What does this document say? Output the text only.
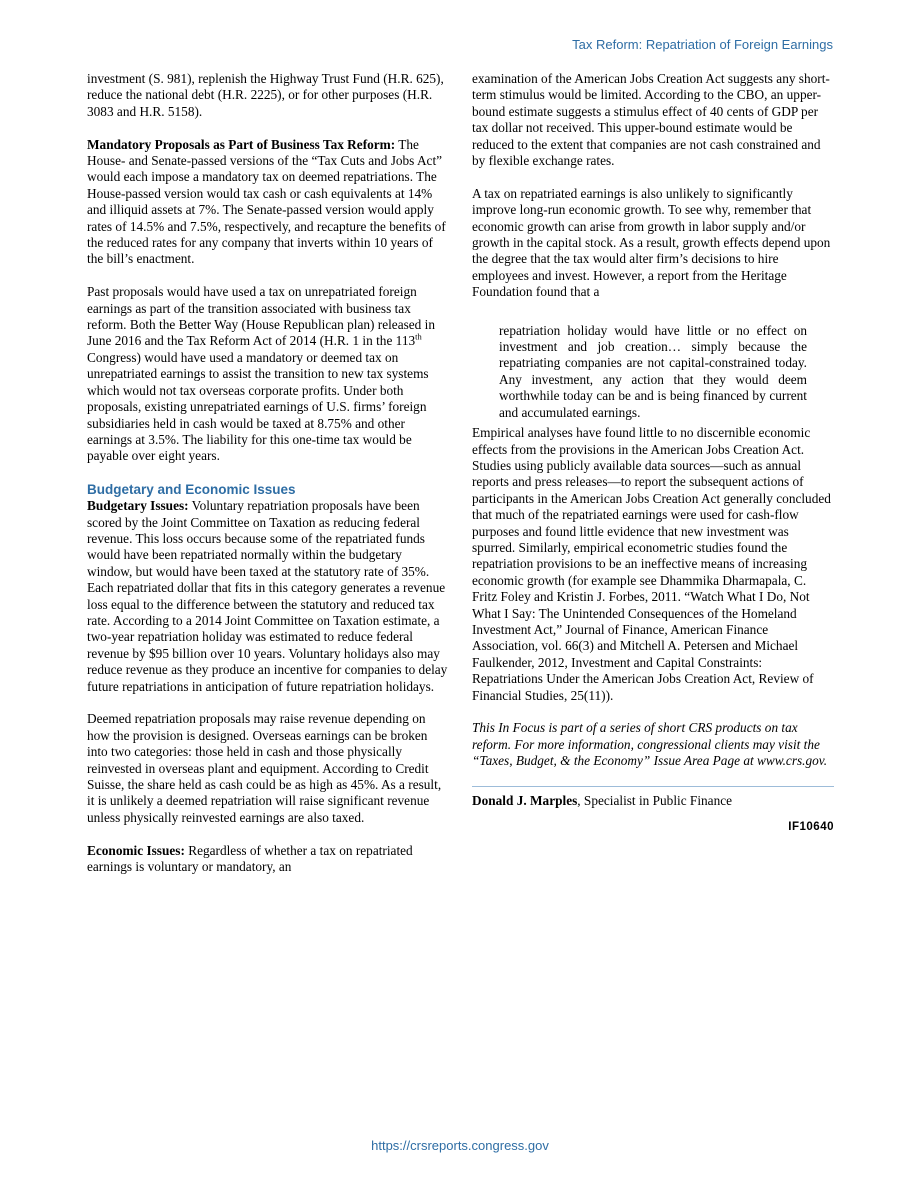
Tax Reform: Repatriation of Foreign Earnings

investment (S. 981), replenish the Highway Trust Fund (H.R. 625), reduce the national debt (H.R. 2225), or for other purposes (H.R. 3083 and H.R. 5158).

Mandatory Proposals as Part of Business Tax Reform: The House- and Senate-passed versions of the “Tax Cuts and Jobs Act” would each impose a mandatory tax on deemed repatriations. The House-passed version would tax cash or cash equivalents at 14% and illiquid assets at 7%. The Senate-passed version would apply rates of 14.5% and 7.5%, respectively, and recapture the benefits of the reduced rates for any company that inverts within 10 years of the bill’s enactment.

Past proposals would have used a tax on unrepatriated foreign earnings as part of the transition associated with business tax reform. Both the Better Way (House Republican plan) released in June 2016 and the Tax Reform Act of 2014 (H.R. 1 in the 113th Congress) would have used a mandatory or deemed tax on unrepatriated earnings to assist the transition to new tax systems which would not tax overseas corporate profits. Under both proposals, existing unrepatriated earnings of U.S. firms’ foreign subsidiaries held in cash would be taxed at 8.75% and other earnings at 3.5%. The liability for this one-time tax would be payable over eight years.

Budgetary and Economic Issues

Budgetary Issues: Voluntary repatriation proposals have been scored by the Joint Committee on Taxation as reducing federal revenue. This loss occurs because some of the repatriated funds would have been repatriated normally within the budgetary window, but would have been taxed at the statutory rate of 35%. Each repatriated dollar that fits in this category generates a revenue loss equal to the difference between the statutory and reduced tax rate. According to a 2014 Joint Committee on Taxation estimate, a two-year repatriation holiday was estimated to reduce federal revenue by $95 billion over 10 years. Voluntary holidays also may reduce revenue as they produce an incentive for companies to delay future repatriations in anticipation of future repatriation holidays.

Deemed repatriation proposals may raise revenue depending on how the provision is designed. Overseas earnings can be broken into two categories: those held in cash and those physically reinvested in overseas plant and equipment. According to Credit Suisse, the share held as cash could be as high as 45%. As a result, it is unlikely a deemed repatriation will raise significant revenue unless physically reinvested earnings are also taxed.

Economic Issues: Regardless of whether a tax on repatriated earnings is voluntary or mandatory, an

examination of the American Jobs Creation Act suggests any short-term stimulus would be limited. According to the CBO, an upper-bound estimate suggests a stimulus effect of 40 cents of GDP per tax dollar not received. This upper-bound estimate would be reduced to the extent that companies are not cash constrained and by flexible exchange rates.

A tax on repatriated earnings is also unlikely to significantly improve long-run economic growth. To see why, remember that economic growth can arise from growth in labor supply and/or growth in the capital stock. As a result, growth effects depend upon the degree that the tax would alter firm’s decisions to hire employees and invest. However, a report from the Heritage Foundation found that a

repatriation holiday would have little or no effect on investment and job creation… simply because the repatriating companies are not capital-constrained today. Any investment, any action that they would deem worthwhile today can be and is being financed by current and accumulated earnings.

Empirical analyses have found little to no discernible economic effects from the provisions in the American Jobs Creation Act. Studies using publicly available data sources—such as annual reports and press releases—to report the subsequent actions of participants in the American Jobs Creation Act generally concluded that much of the repatriated earnings were used for cash-flow purposes and found little evidence that new investment was spurred. Similarly, empirical econometric studies found the repatriation provisions to be an ineffective means of increasing economic growth (for example see Dhammika Dharmapala, C. Fritz Foley and Kristin J. Forbes, 2011. “Watch What I Do, Not What I Say: The Unintended Consequences of the Homeland Investment Act,” Journal of Finance, American Finance Association, vol. 66(3) and Mitchell A. Petersen and Michael Faulkender, 2012, Investment and Capital Constraints: Repatriations Under the American Jobs Creation Act, Review of Financial Studies, 25(11)).

This In Focus is part of a series of short CRS products on tax reform. For more information, congressional clients may visit the “Taxes, Budget, & the Economy” Issue Area Page at www.crs.gov.

Donald J. Marples, Specialist in Public Finance
IF10640
https://crsreports.congress.gov
